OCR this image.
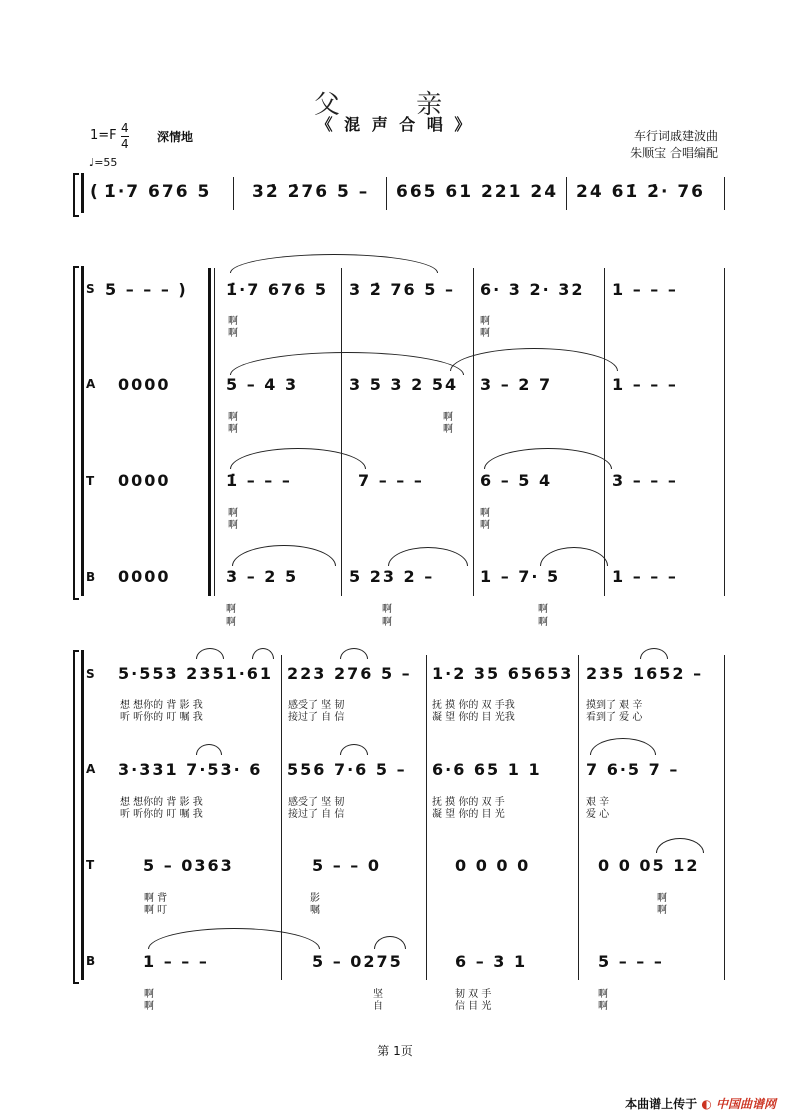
父 亲
《 混 声 合 唱 》
$1=F \frac{4}{4}$ 深情地
♩=55
车行词戚建波曲
朱顺宝 合唱编配
( 1̇·7 676 5 32̇ 2̇76 5 – 665 61 221 24 24 61̇ 2̇· 76
S
A
T
B
5 – – – ) 1̇·7 676 5 3 2̇ 76 5 – 6· 3 2· 32 1 – – –
啊
啊
啊
啊
0000	5 – 4 3	3 5 3 2 54 3 – 2 7	1 – – –
啊
啊
啊
啊
0000	1̇ – – –	7 – – –	6 – 5 4	3 – – –
啊
啊
啊
啊
0000	3 – 2 5	5 23 2 –	1 – 7· 5	1 – – –
啊
啊
啊
啊
啊
啊
S
A
T
B
5·553 2351·61 223 276 5 – 1·2 35 65653 235 1652 –
想 想你的 背 影 我
听 听你的 叮 嘱 我
感受了 坚 韧
接过了 自 信
抚 摸 你的 双 手我
凝 望 你的 目 光我
摸到了 艰 辛
看到了 爱 心
3·331 7·53· 6 556 7·6 5 – 6·6 65 1 1	7 6·5 7 –
想 想你的 背 影 我
听 听你的 叮 嘱 我
感受了 坚 韧
接过了 自 信
抚 摸 你的 双 手
凝 望 你的 目 光
艰 辛
爱 心
5 – 0363	5 – – 0	0 0 0 0	0 0 05 12
啊 背
啊 叮
影
嘱
啊
啊
1 – – –	5 – 0275	6 – 3 1	5 – – –
啊
啊
坚
自
韧 双 手
信 目 光
啊
啊
第 1页
本曲谱上传于 ◐ 中国曲谱网
